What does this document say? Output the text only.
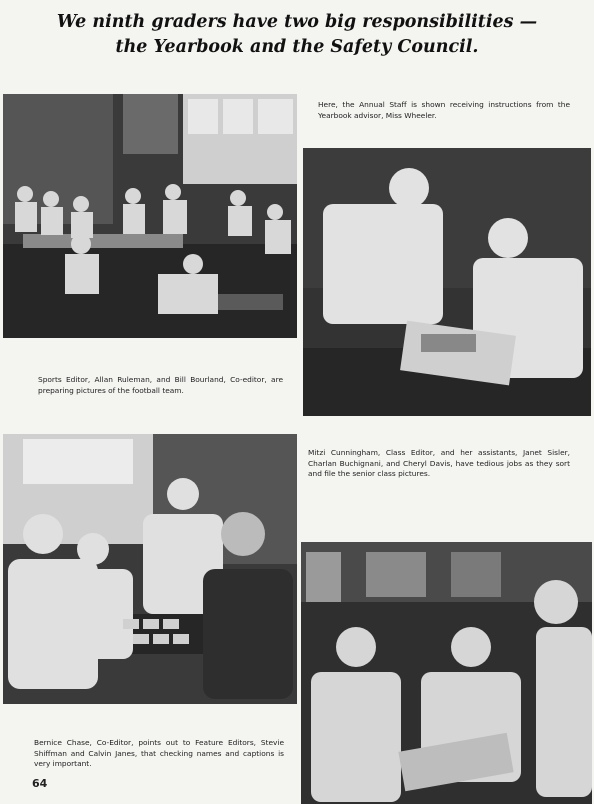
We ninth graders have two big responsibilities —
the Yearbook and the Safety Council.
Here, the Annual Staff is shown receiving instructions from the Yearbook advisor, Miss Wheeler.
Sports Editor, Allan Ruleman, and Bill Bourland, Co-editor, are preparing pictures of the football team.
Mitzi Cunningham, Class Editor, and her assistants, Janet Sisler, Charlan Buchignani, and Cheryl Davis, have tedious jobs as they sort and file the senior class pictures.
Bernice Chase, Co-Editor, points out to Feature Editors, Stevie Shiffman and Calvin Janes, that checking names and captions is very important.
64
